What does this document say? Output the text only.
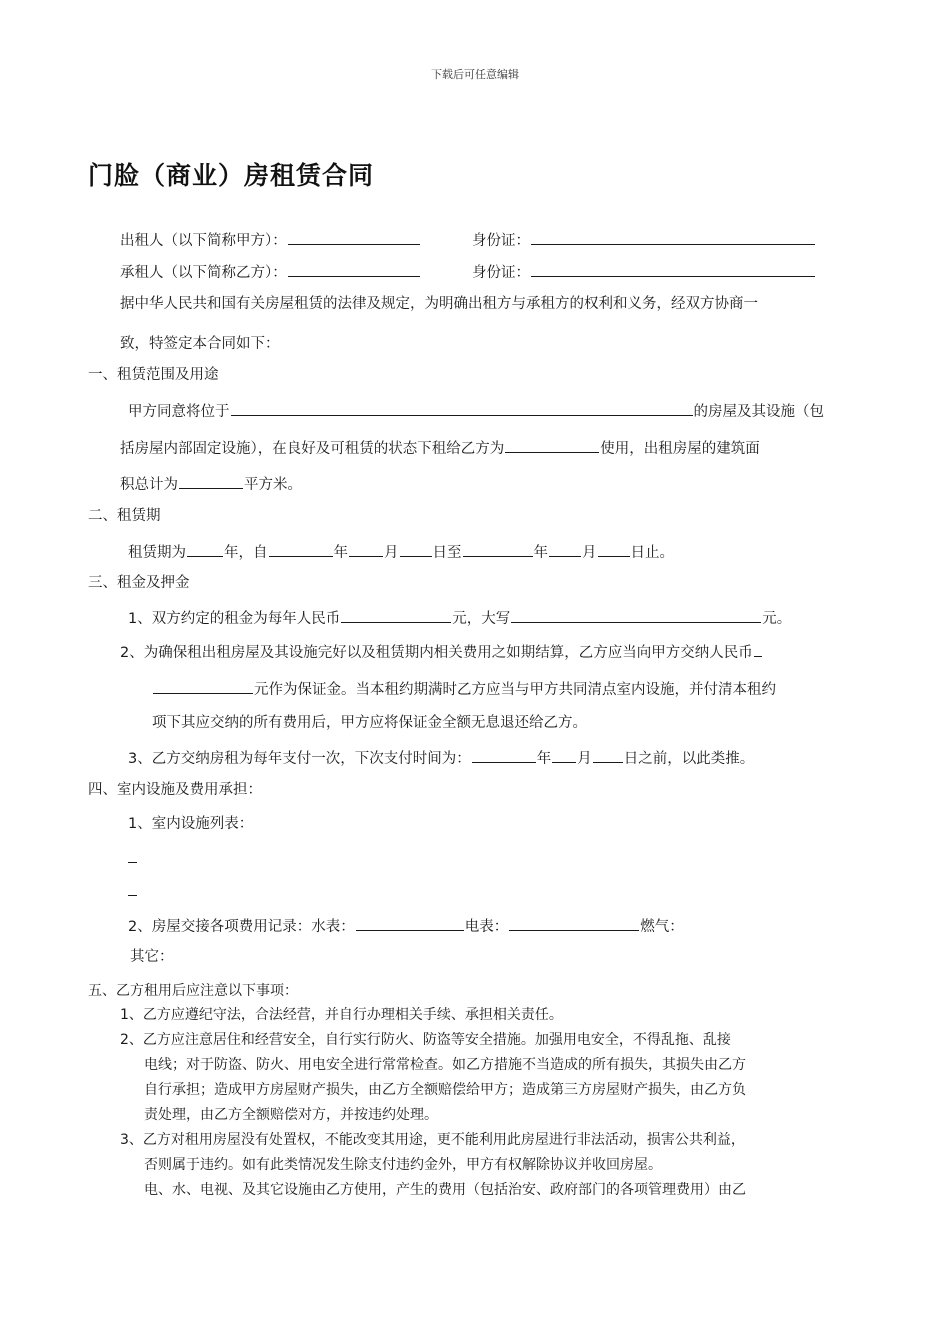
下载后可任意编辑
门脸（商业）房租赁合同
出租人（以下简称甲方）：	身份证：
承租人（以下简称乙方）：	身份证：
据中华人民共和国有关房屋租赁的法律及规定，为明确出租方与承租方的权利和义务，经双方协商一
致，特签定本合同如下：
一、租赁范围及用途
甲方同意将位于	的房屋及其设施（包
括房屋内部固定设施），在良好及可租赁的状态下租给乙方为	使用，出租房屋的建筑面
积总计为	平方米。
二、租赁期
租赁期为	年，自	年 月 日至	年 月 日止。
三、租金及押金
1、双方约定的租金为每年人民币	元，大写	元。
2、为确保租出租房屋及其设施完好以及租赁期内相关费用之如期结算，乙方应当向甲方交纳人民币
元作为保证金。当本租约期满时乙方应当与甲方共同清点室内设施，并付清本租约
项下其应交纳的所有费用后，甲方应将保证金全额无息退还给乙方。
3、乙方交纳房租为每年支付一次，下次支付时间为：	年 月 日之前，以此类推。
四、室内设施及费用承担：
1、室内设施列表：
2、房屋交接各项费用记录：水表：	电表：	燃气：
其它：
五、乙方租用后应注意以下事项：
1、乙方应遵纪守法，合法经营，并自行办理相关手续、承担相关责任。
2、乙方应注意居住和经营安全，自行实行防火、防盗等安全措施。加强用电安全，不得乱拖、乱接
电线；对于防盗、防火、用电安全进行常常检查。如乙方措施不当造成的所有损失，其损失由乙方
自行承担；造成甲方房屋财产损失，由乙方全额赔偿给甲方；造成第三方房屋财产损失，由乙方负
责处理，由乙方全额赔偿对方，并按违约处理。
3、乙方对租用房屋没有处置权，不能改变其用途，更不能利用此房屋进行非法活动，损害公共利益，
否则属于违约。如有此类情况发生除支付违约金外，甲方有权解除协议并收回房屋。
电、水、电视、及其它设施由乙方使用，产生的费用（包括治安、政府部门的各项管理费用）由乙
